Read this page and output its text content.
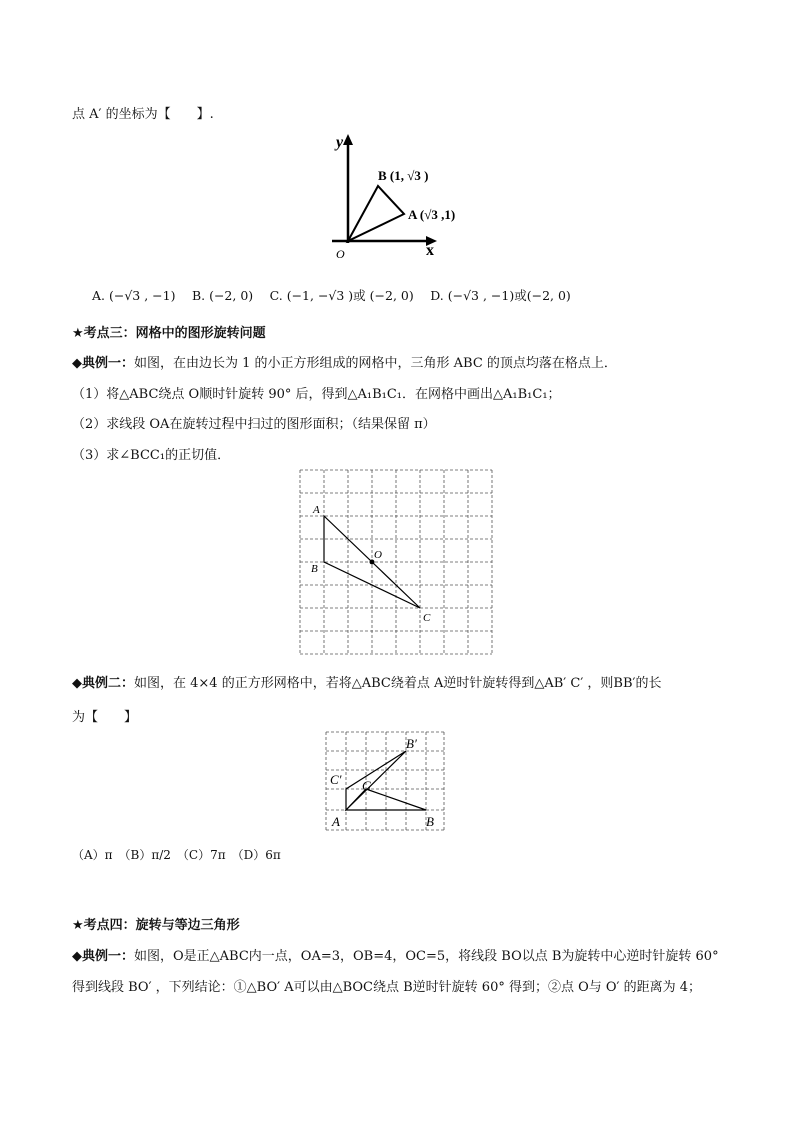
点 A′ 的坐标为【　　】.
y
x
O
B (1, √3 )
A (√3 ,1)
A. (−√3 , −1)　 B. (−2, 0)　 C. (−1, −√3 )或 (−2, 0)　 D. (−√3 , −1)或(−2, 0)
★考点三：网格中的图形旋转问题
◆典例一：如图，在由边长为 1 的小正方形组成的网格中，三角形 ABC 的顶点均落在格点上．
（1）将△ABC绕点 O顺时针旋转 90° 后，得到△A₁B₁C₁．在网格中画出△A₁B₁C₁；
（2）求线段 OA在旋转过程中扫过的图形面积；（结果保留 π）
（3）求∠BCC₁的正切值．
A
B
C
O
◆典例二：如图，在 4×4 的正方形网格中，若将△ABC绕着点 A逆时针旋转得到△AB′ C′ ，则BB′的长
为【　　】
A	B
C
B′
C′
（A）π　（B）π/2　（C）7π　（D）6π
★考点四：旋转与等边三角形
◆典例一：如图，O是正△ABC内一点，OA=3，OB=4，OC=5，将线段 BO以点 B为旋转中心逆时针旋转 60°
得到线段 BO′ ，下列结论：①△BO′ A可以由△BOC绕点 B逆时针旋转 60° 得到；②点 O与 O′ 的距离为 4；
